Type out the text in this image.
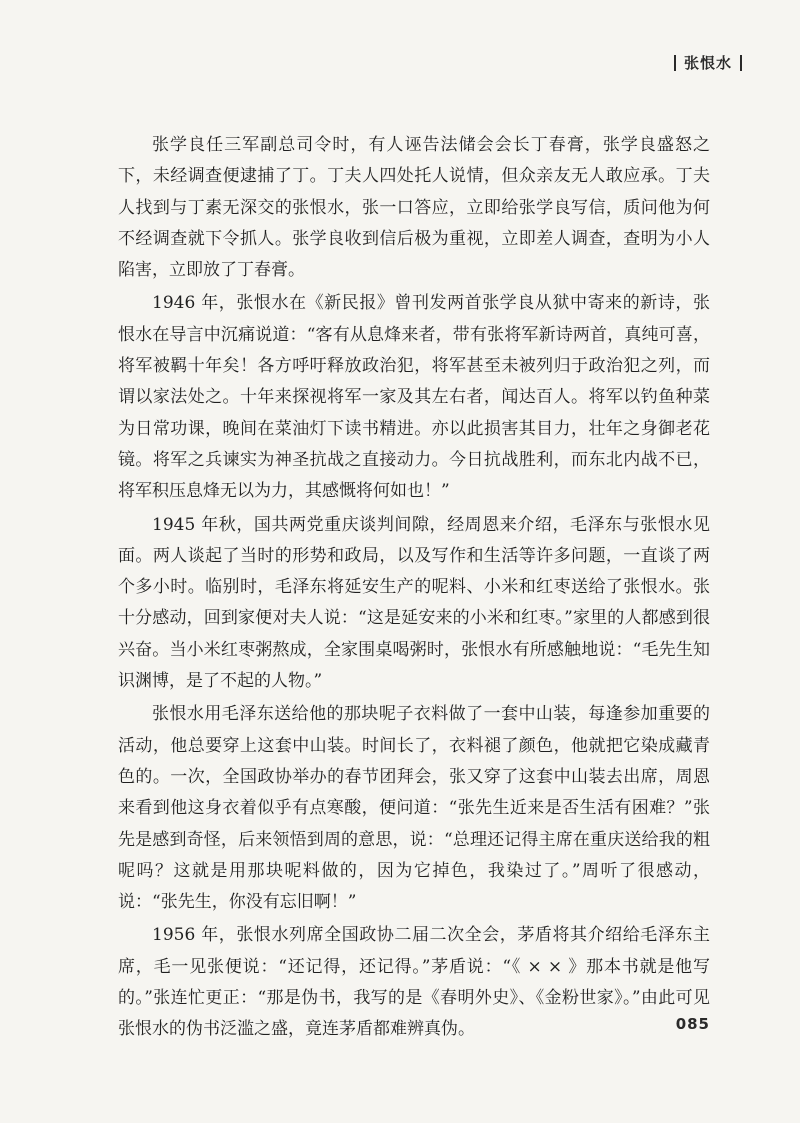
张恨水

张学良任三军副总司令时，有人诬告法储会会长丁春膏，张学良盛怒之下，未经调查便逮捕了丁。丁夫人四处托人说情，但众亲友无人敢应承。丁夫人找到与丁素无深交的张恨水，张一口答应，立即给张学良写信，质问他为何不经调查就下令抓人。张学良收到信后极为重视，立即差人调查，查明为小人陷害，立即放了丁春膏。

1946 年，张恨水在《新民报》曾刊发两首张学良从狱中寄来的新诗，张恨水在导言中沉痛说道：“客有从息烽来者，带有张将军新诗两首，真纯可喜，将军被羁十年矣！各方呼吁释放政治犯，将军甚至未被列归于政治犯之列，而谓以家法处之。十年来探视将军一家及其左右者，闻达百人。将军以钓鱼种菜为日常功课，晚间在菜油灯下读书精进。亦以此损害其目力，壮年之身御老花镜。将军之兵谏实为神圣抗战之直接动力。今日抗战胜利，而东北内战不已，将军积压息烽无以为力，其感慨将何如也！”

1945 年秋，国共两党重庆谈判间隙，经周恩来介绍，毛泽东与张恨水见面。两人谈起了当时的形势和政局，以及写作和生活等许多问题，一直谈了两个多小时。临别时，毛泽东将延安生产的呢料、小米和红枣送给了张恨水。张十分感动，回到家便对夫人说：“这是延安来的小米和红枣。”家里的人都感到很兴奋。当小米红枣粥熬成，全家围桌喝粥时，张恨水有所感触地说：“毛先生知识渊博，是了不起的人物。”

张恨水用毛泽东送给他的那块呢子衣料做了一套中山装，每逢参加重要的活动，他总要穿上这套中山装。时间长了，衣料褪了颜色，他就把它染成藏青色的。一次，全国政协举办的春节团拜会，张又穿了这套中山装去出席，周恩来看到他这身衣着似乎有点寒酸，便问道：“张先生近来是否生活有困难？”张先是感到奇怪，后来领悟到周的意思，说：“总理还记得主席在重庆送给我的粗呢吗？这就是用那块呢料做的，因为它掉色，我染过了。”周听了很感动，说：“张先生，你没有忘旧啊！”

1956 年，张恨水列席全国政协二届二次全会，茅盾将其介绍给毛泽东主席，毛一见张便说：“还记得，还记得。”茅盾说：“《 × × 》那本书就是他写的。”张连忙更正：“那是伪书，我写的是《春明外史》、《金粉世家》。”由此可见张恨水的伪书泛滥之盛，竟连茅盾都难辨真伪。	085
